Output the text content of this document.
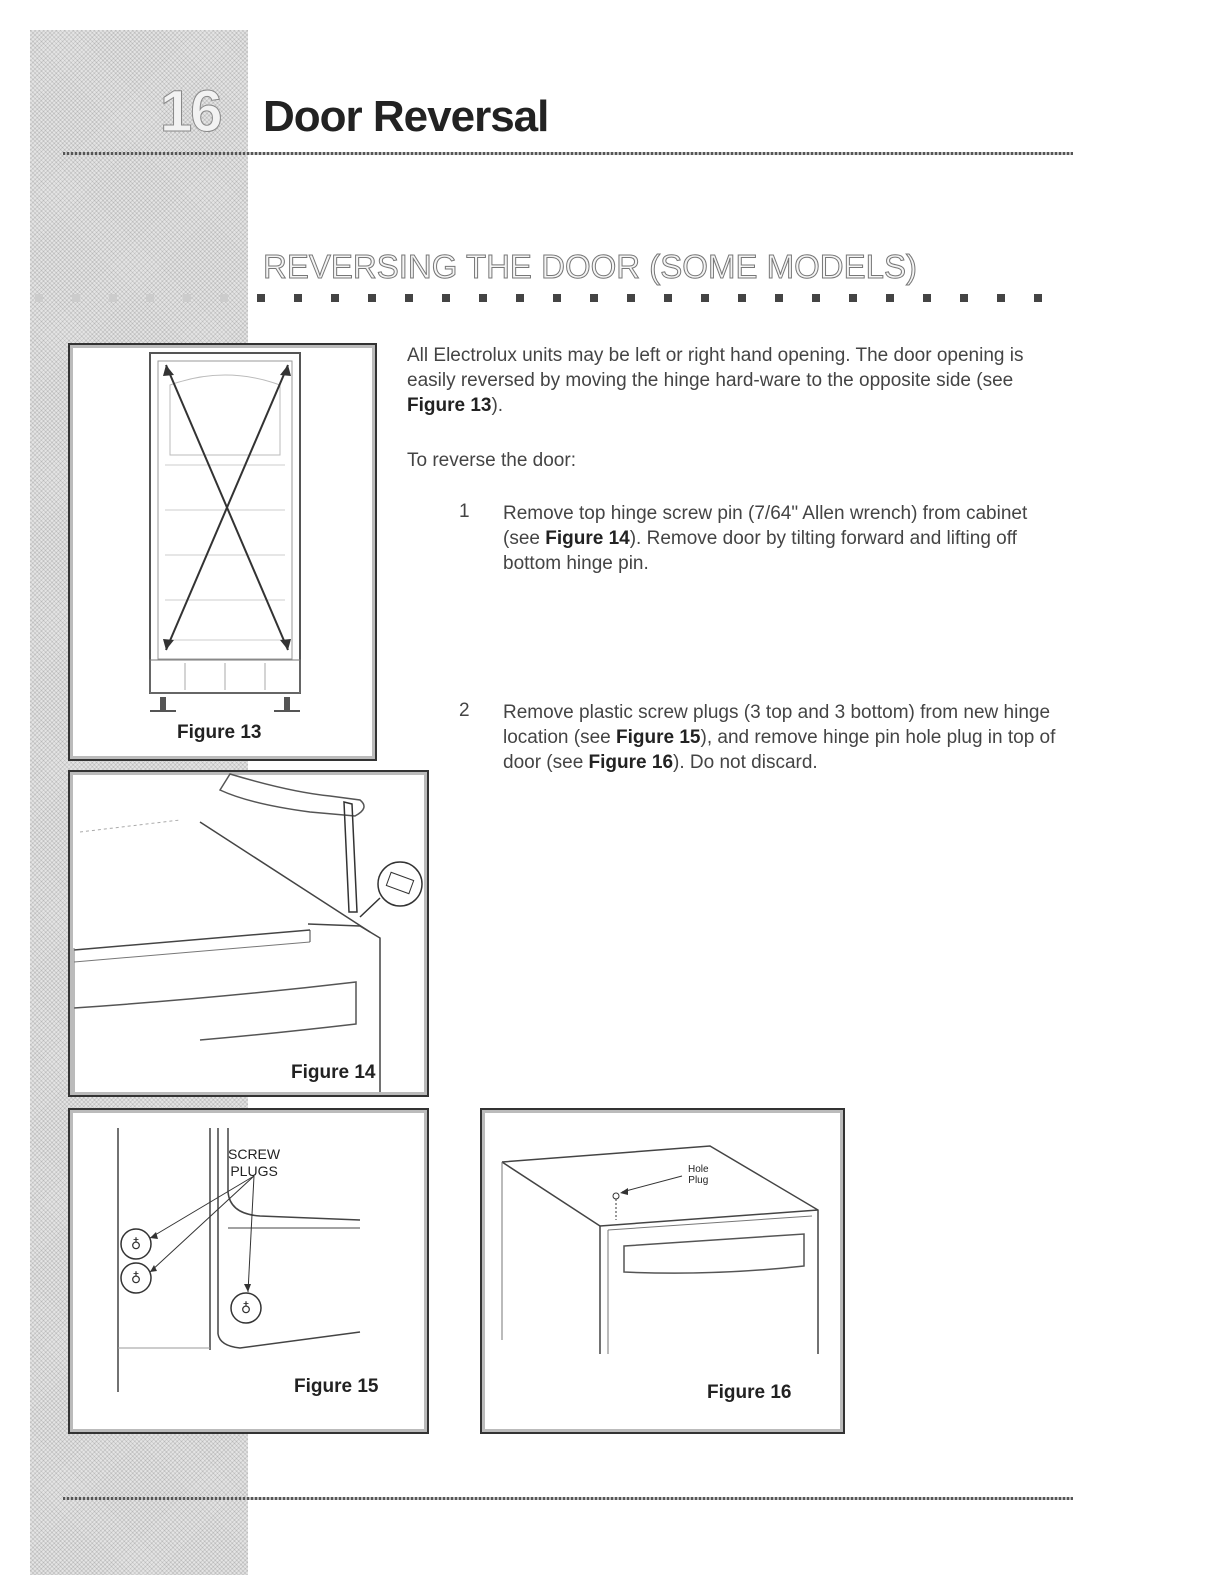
16 Door Reversal
REVERSING THE DOOR (SOME MODELS)
All Electrolux units may be left or right hand opening. The door opening is easily reversed by moving the hinge hard-ware to the opposite side (see Figure 13).
To reverse the door:
1 Remove top hinge screw pin (7/64" Allen wrench) from cabinet (see Figure 14). Remove door by tilting forward and lifting off bottom hinge pin.
2 Remove plastic screw plugs (3 top and 3 bottom) from new hinge location (see Figure 15), and remove hinge pin hole plug in top of door (see Figure 16). Do not discard.
Figure 13
Figure 14
♁
♁
♁
SCREW
PLUGS
Figure 15
Hole
Plug
Figure 16
